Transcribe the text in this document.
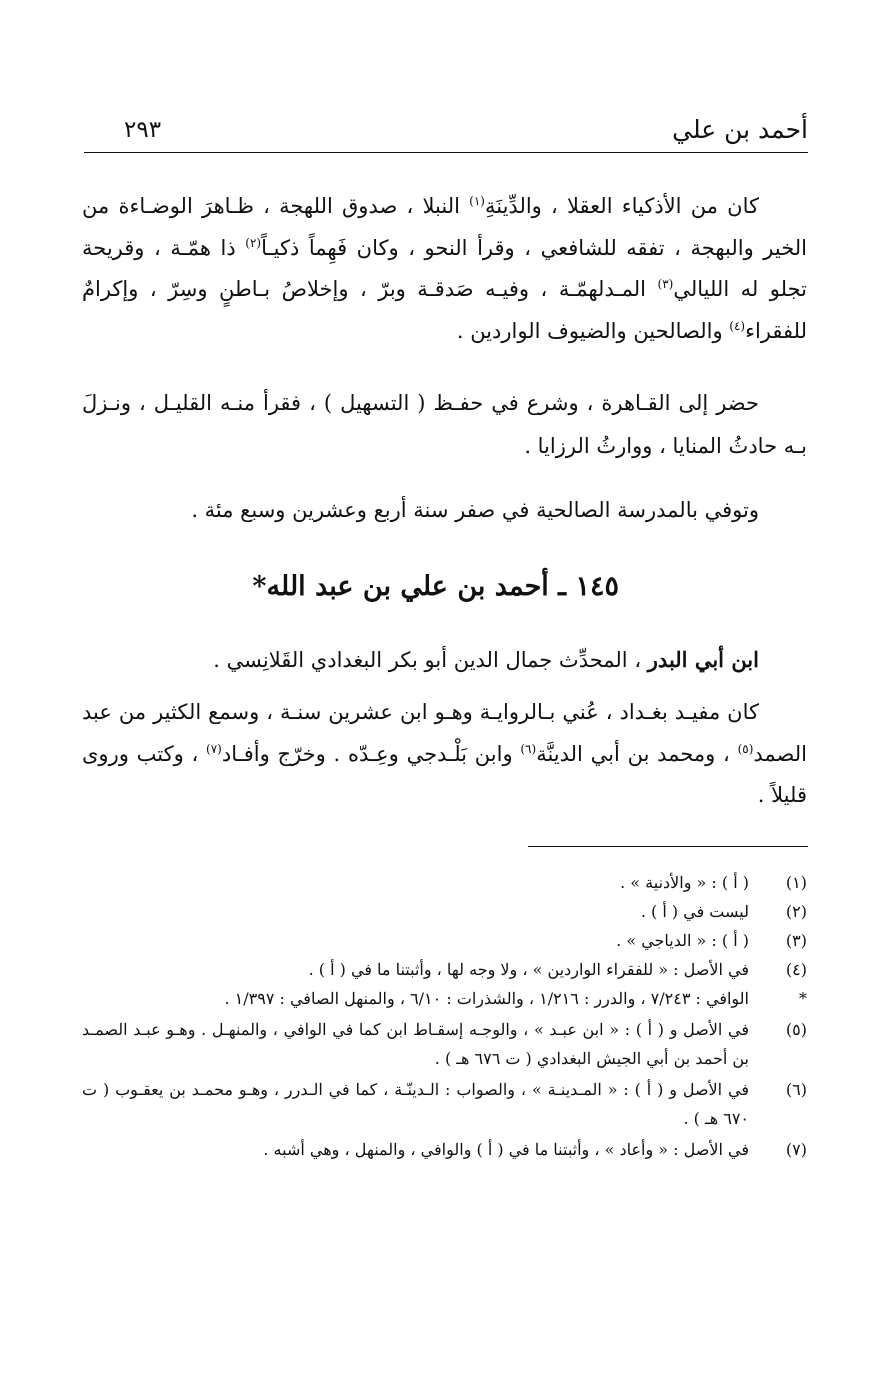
أحمد بن علي
٢٩٣

كان من الأذكياء العقلا ، والدِّينَةِ$^{(١)}$ النبلا ، صدوق اللهجة ، ظـاهرَ الوضـاءة من الخير والبهجة ، تفقه للشافعي ، وقرأ النحو ، وكان فَهِماً ذكيـاً$^{(٢)}$ ذا همّـة ، وقريحة تجلو له الليالي$^{(٣)}$ المـدلهمّـة ، وفيـه صَدقـة وبرّ ، وإخلاصُ بـاطنٍ وسِرّ ، وإكرامٌ للفقراء$^{(٤)}$ والصالحين والضيوف الواردين .

حضر إلى القـاهرة ، وشرع في حفـظ ( التسهيل ) ، فقرأ منـه القليـل ، ونـزلَ بـه حادثُ المنايا ، ووارثُ الرزايا .

وتوفي بالمدرسة الصالحية في صفر سنة أربع وعشرين وسبع مئة .

١٤٥ ـ أحمد بن علي بن عبد الله*
ابن أبي البدر ، المحدِّث جمال الدين أبو بكر البغدادي القَلانِسي .

كان مفيـد بغـداد ، عُني بـالروايـة وهـو ابن عشرين سنـة ، وسمع الكثير من عبد الصمد$^{(٥)}$ ، ومحمد بن أبي الدينَّة$^{(٦)}$ وابن بَلْـدجي وعِـدّه . وخرّج وأفـاد$^{(٧)}$ ، وكتب وروى قليلاً .

(١)
( أ ) : « والأدنية » .
(٢)
ليست في ( أ ) .
(٣)
( أ ) : « الدياجي » .
(٤)
في الأصل : « للفقراء الواردين » ، ولا وجه لها ، وأثبتنا ما في ( أ ) .
*
الوافي : ٧/٢٤٣ ، والدرر : ١/٢١٦ ، والشذرات : ٦/١٠ ، والمنهل الصافي : ١/٣٩٧ .
(٥)
في الأصل و ( أ ) : « ابن عبـد » ، والوجـه إسقـاط ابن كما في الوافي ، والمنهـل . وهـو عبـد الصمـد بن أحمد بن أبي الجيش البغدادي ( ت ٦٧٦ هـ ) .
(٦)
في الأصل و ( أ ) : « المـدينـة » ، والصواب : الـدينّـة ، كما في الـدرر ، وهـو محمـد بن يعقـوب ( ت ٦٧٠ هـ ) .
(٧)
في الأصل : « وأعاد » ، وأثبتنا ما في ( أ ) والوافي ، والمنهل ، وهي أشبه .
